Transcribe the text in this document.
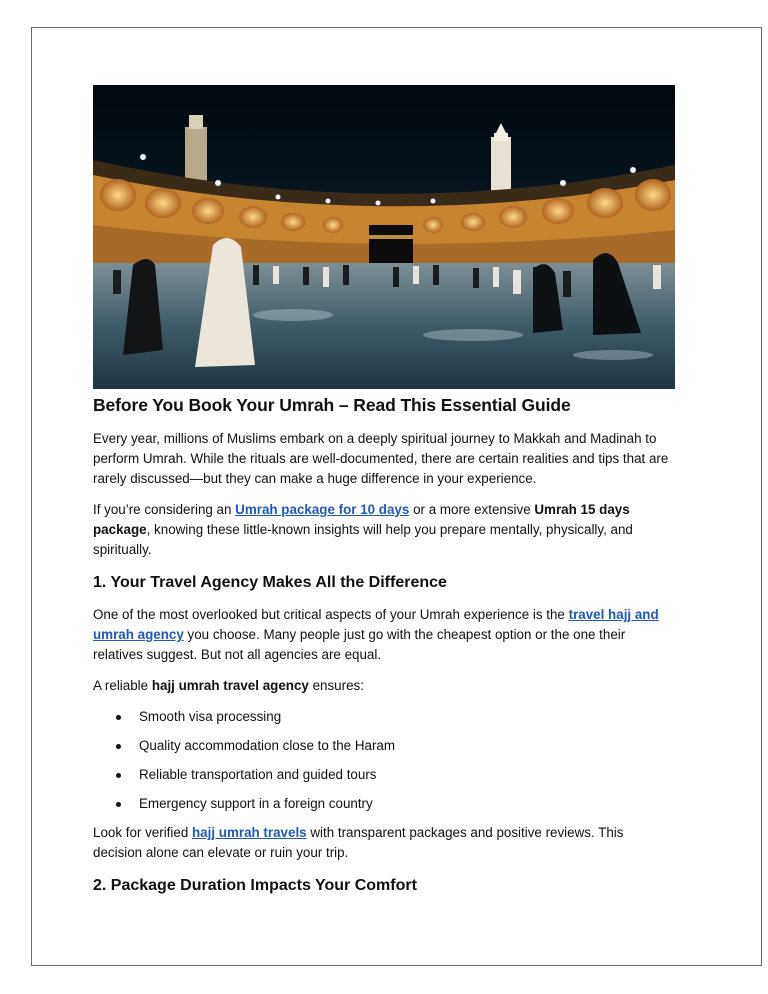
Before You Book Your Umrah – Read This Essential Guide

Every year, millions of Muslims embark on a deeply spiritual journey to Makkah and Madinah to perform Umrah. While the rituals are well-documented, there are certain realities and tips that are rarely discussed—but they can make a huge difference in your experience.

If you’re considering an Umrah package for 10 days or a more extensive Umrah 15 days package, knowing these little-known insights will help you prepare mentally, physically, and spiritually.

1. Your Travel Agency Makes All the Difference

One of the most overlooked but critical aspects of your Umrah experience is the travel hajj and umrah agency you choose. Many people just go with the cheapest option or the one their relatives suggest. But not all agencies are equal.

A reliable hajj umrah travel agency ensures:

Smooth visa processing
Quality accommodation close to the Haram
Reliable transportation and guided tours
Emergency support in a foreign country

Look for verified hajj umrah travels with transparent packages and positive reviews. This decision alone can elevate or ruin your trip.

2. Package Duration Impacts Your Comfort
